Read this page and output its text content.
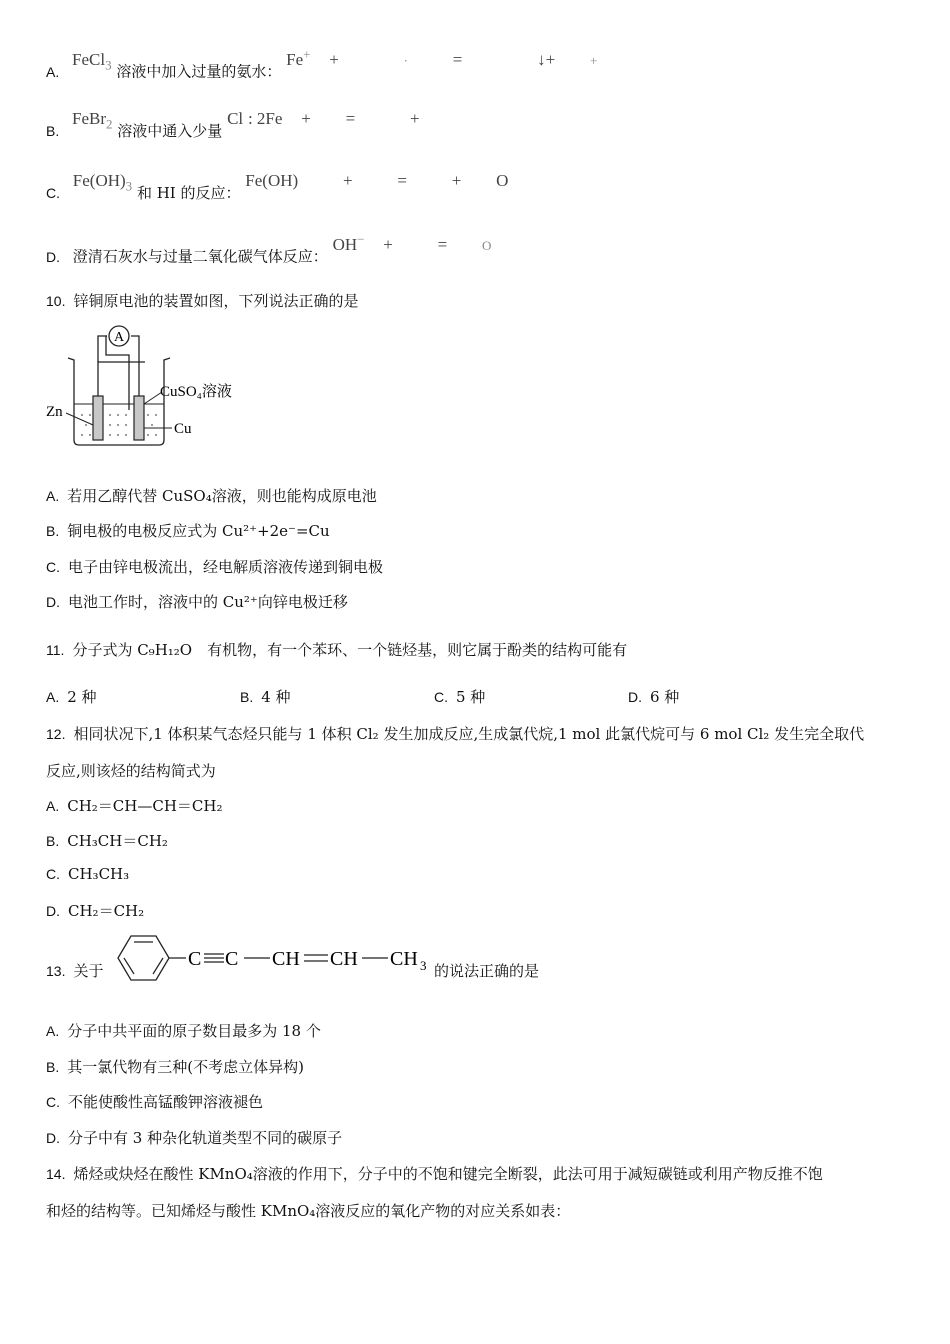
A. FeCl$_3$ 溶液中加入过量的氨水： Fe+ +	·	=	↓+	+
B. FeBr$_2$ 溶液中通入少量 Cl : 2Fe + =	+
C. $Fe(OH)_3$ 和 HI 的反应： Fe(OH)	+	=	+ O
D. 澄清石灰水与过量二氧化碳气体反应： OH− +	=	O
10. 锌铜原电池的装置如图，下列说法正确的是
A
Zn
CuSO₄溶液
Cu
A. 若用乙醇代替 CuSO₄溶液，则也能构成原电池
B. 铜电极的电极反应式为 Cu²⁺+2e⁻=Cu
C. 电子由锌电极流出，经电解质溶液传递到铜电极
D. 电池工作时，溶液中的 Cu²⁺向锌电极迁移
11. 分子式为 C₉H₁₂O　有机物，有一个苯环、一个链烃基，则它属于酚类的结构可能有
A. 2 种	B. 4 种	C. 5 种	D. 6 种
12. 相同状况下,1 体积某气态烃只能与 1 体积 Cl₂ 发生加成反应,生成氯代烷,1 mol 此氯代烷可与 6 mol Cl₂ 发生完全取代
反应,则该烃的结构简式为
A. CH₂＝CH—CH＝CH₂
B. CH₃CH＝CH₂
C. CH₃CH₃
D. CH₂＝CH₂
13. 关于
C C CH CH CH 3 的说法正确的是
A. 分子中共平面的原子数目最多为 18 个
B. 其一氯代物有三种(不考虑立体异构)
C. 不能使酸性高锰酸钾溶液褪色
D. 分子中有 3 种杂化轨道类型不同的碳原子
14. 烯烃或炔烃在酸性 KMnO₄溶液的作用下，分子中的不饱和键完全断裂，此法可用于减短碳链或利用产物反推不饱
和烃的结构等。已知烯烃与酸性 KMnO₄溶液反应的氧化产物的对应关系如表：
